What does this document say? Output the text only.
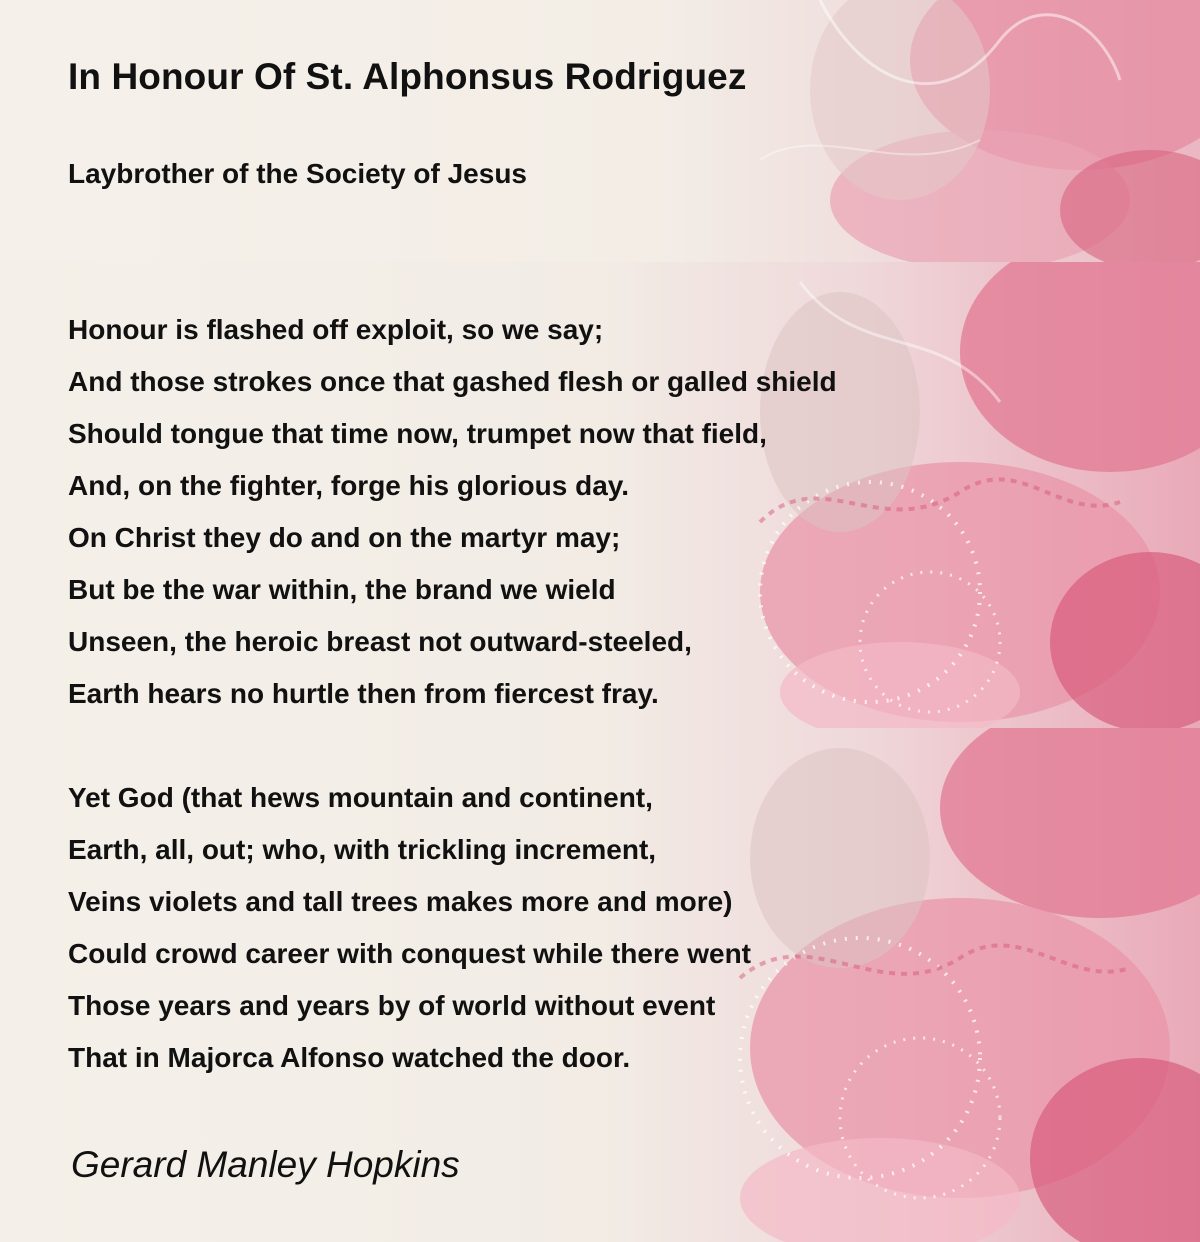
In Honour Of St. Alphonsus Rodriguez
Laybrother of the Society of Jesus
Honour is flashed off exploit, so we say;
And those strokes once that gashed flesh or galled shield
Should tongue that time now, trumpet now that field,
And, on the fighter, forge his glorious day.
On Christ they do and on the martyr may;
But be the war within, the brand we wield
Unseen, the heroic breast not outward-steeled,
Earth hears no hurtle then from fiercest fray.
Yet God (that hews mountain and continent,
Earth, all, out; who, with trickling increment,
Veins violets and tall trees makes more and more)
Could crowd career with conquest while there went
Those years and years by of world without event
That in Majorca Alfonso watched the door.
Gerard Manley Hopkins
